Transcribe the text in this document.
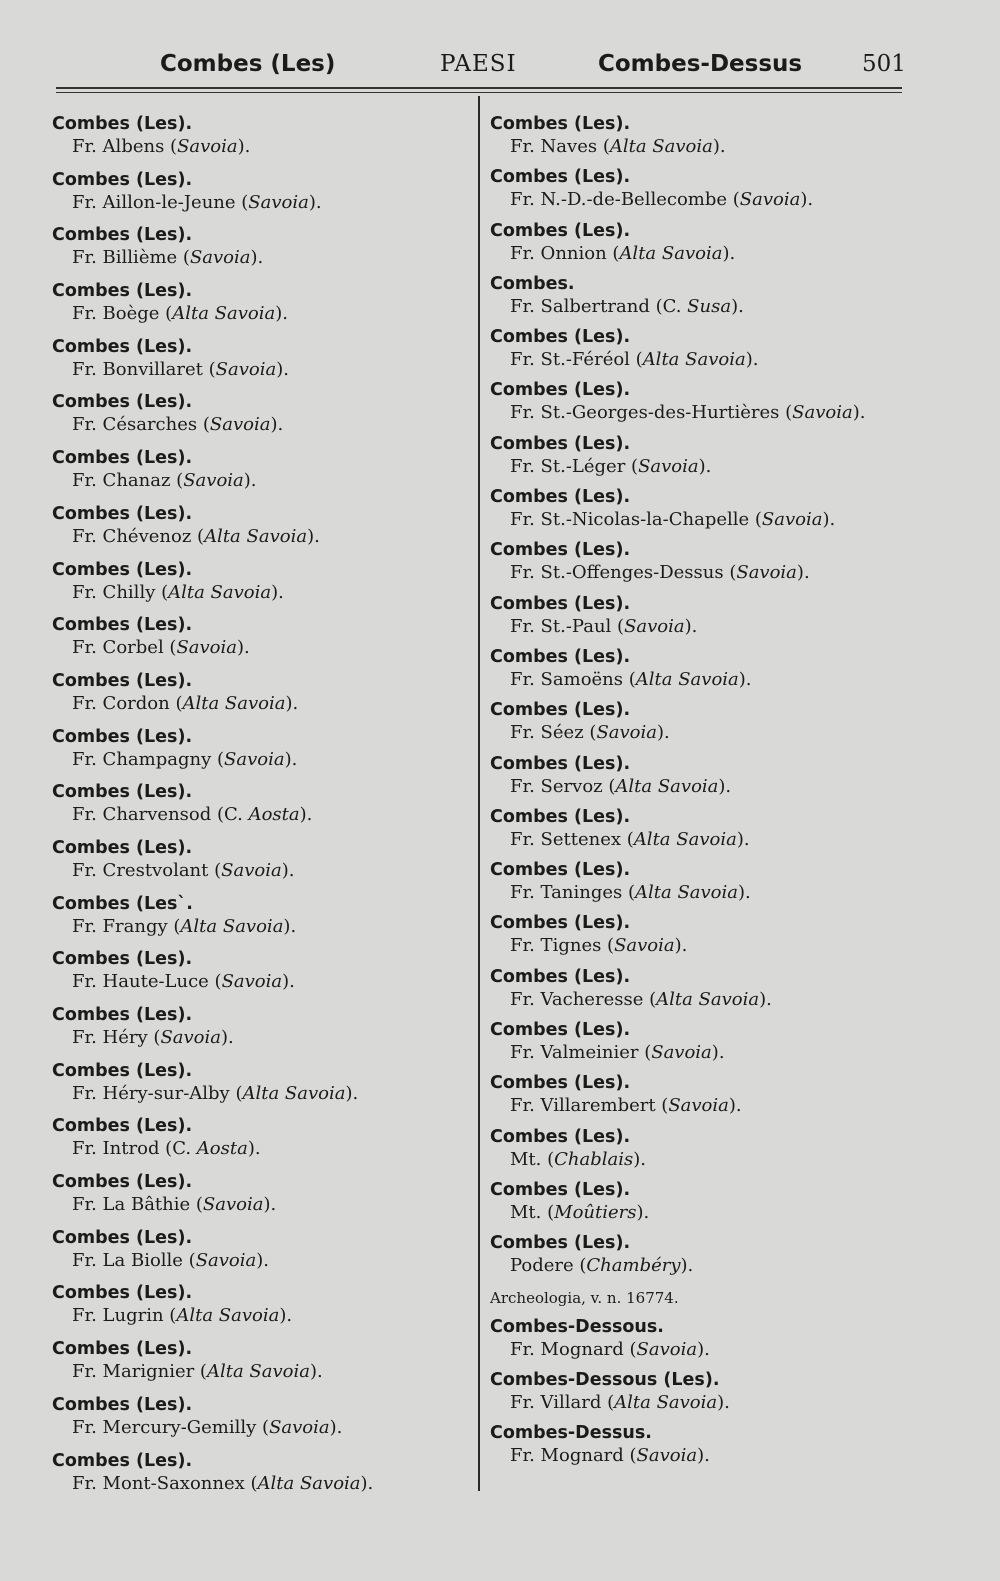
Combes (Les)	PAESI	Combes-Dessus	501
Combes (Les).
Fr. Albens (Savoia).
Combes (Les).
Fr. Aillon-le-Jeune (Savoia).
Combes (Les).
Fr. Billième (Savoia).
Combes (Les).
Fr. Boège (Alta Savoia).
Combes (Les).
Fr. Bonvillaret (Savoia).
Combes (Les).
Fr. Césarches (Savoia).
Combes (Les).
Fr. Chanaz (Savoia).
Combes (Les).
Fr. Chévenoz (Alta Savoia).
Combes (Les).
Fr. Chilly (Alta Savoia).
Combes (Les).
Fr. Corbel (Savoia).
Combes (Les).
Fr. Cordon (Alta Savoia).
Combes (Les).
Fr. Champagny (Savoia).
Combes (Les).
Fr. Charvensod (C. Aosta).
Combes (Les).
Fr. Crestvolant (Savoia).
Combes (Les`.
Fr. Frangy (Alta Savoia).
Combes (Les).
Fr. Haute-Luce (Savoia).
Combes (Les).
Fr. Héry (Savoia).
Combes (Les).
Fr. Héry-sur-Alby (Alta Savoia).
Combes (Les).
Fr. Introd (C. Aosta).
Combes (Les).
Fr. La Bâthie (Savoia).
Combes (Les).
Fr. La Biolle (Savoia).
Combes (Les).
Fr. Lugrin (Alta Savoia).
Combes (Les).
Fr. Marignier (Alta Savoia).
Combes (Les).
Fr. Mercury-Gemilly (Savoia).
Combes (Les).
Fr. Mont-Saxonnex (Alta Savoia).
Combes (Les).
Fr. Naves (Alta Savoia).
Combes (Les).
Fr. N.-D.-de-Bellecombe (Savoia).
Combes (Les).
Fr. Onnion (Alta Savoia).
Combes.
Fr. Salbertrand (C. Susa).
Combes (Les).
Fr. St.-Féréol (Alta Savoia).
Combes (Les).
Fr. St.-Georges-des-Hurtières (Savoia).
Combes (Les).
Fr. St.-Léger (Savoia).
Combes (Les).
Fr. St.-Nicolas-la-Chapelle (Savoia).
Combes (Les).
Fr. St.-Offenges-Dessus (Savoia).
Combes (Les).
Fr. St.-Paul (Savoia).
Combes (Les).
Fr. Samoëns (Alta Savoia).
Combes (Les).
Fr. Séez (Savoia).
Combes (Les).
Fr. Servoz (Alta Savoia).
Combes (Les).
Fr. Settenex (Alta Savoia).
Combes (Les).
Fr. Taninges (Alta Savoia).
Combes (Les).
Fr. Tignes (Savoia).
Combes (Les).
Fr. Vacheresse (Alta Savoia).
Combes (Les).
Fr. Valmeinier (Savoia).
Combes (Les).
Fr. Villarembert (Savoia).
Combes (Les).
Mt. (Chablais).
Combes (Les).
Mt. (Moûtiers).
Combes (Les).
Podere (Chambéry).
Archeologia, v. n. 16774.
Combes-Dessous.
Fr. Mognard (Savoia).
Combes-Dessous (Les).
Fr. Villard (Alta Savoia).
Combes-Dessus.
Fr. Mognard (Savoia).
